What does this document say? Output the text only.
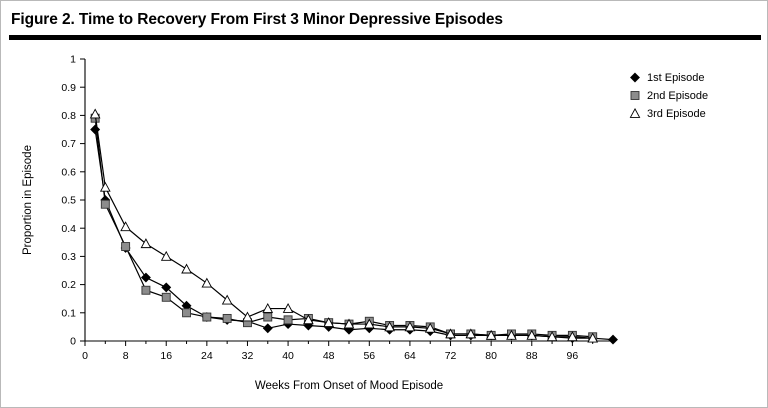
Figure 2. Time to Recovery From First 3 Minor Depressive Episodes
0
0.1
0.2
0.3
0.4
0.5
0.6
0.7
0.8
0.9
1
0	8	16	24	32	40	48	56	64	72	80	88	96
Weeks From Onset of Mood Episode
Proportion in Episode
1st Episode
2nd Episode
3rd Episode
